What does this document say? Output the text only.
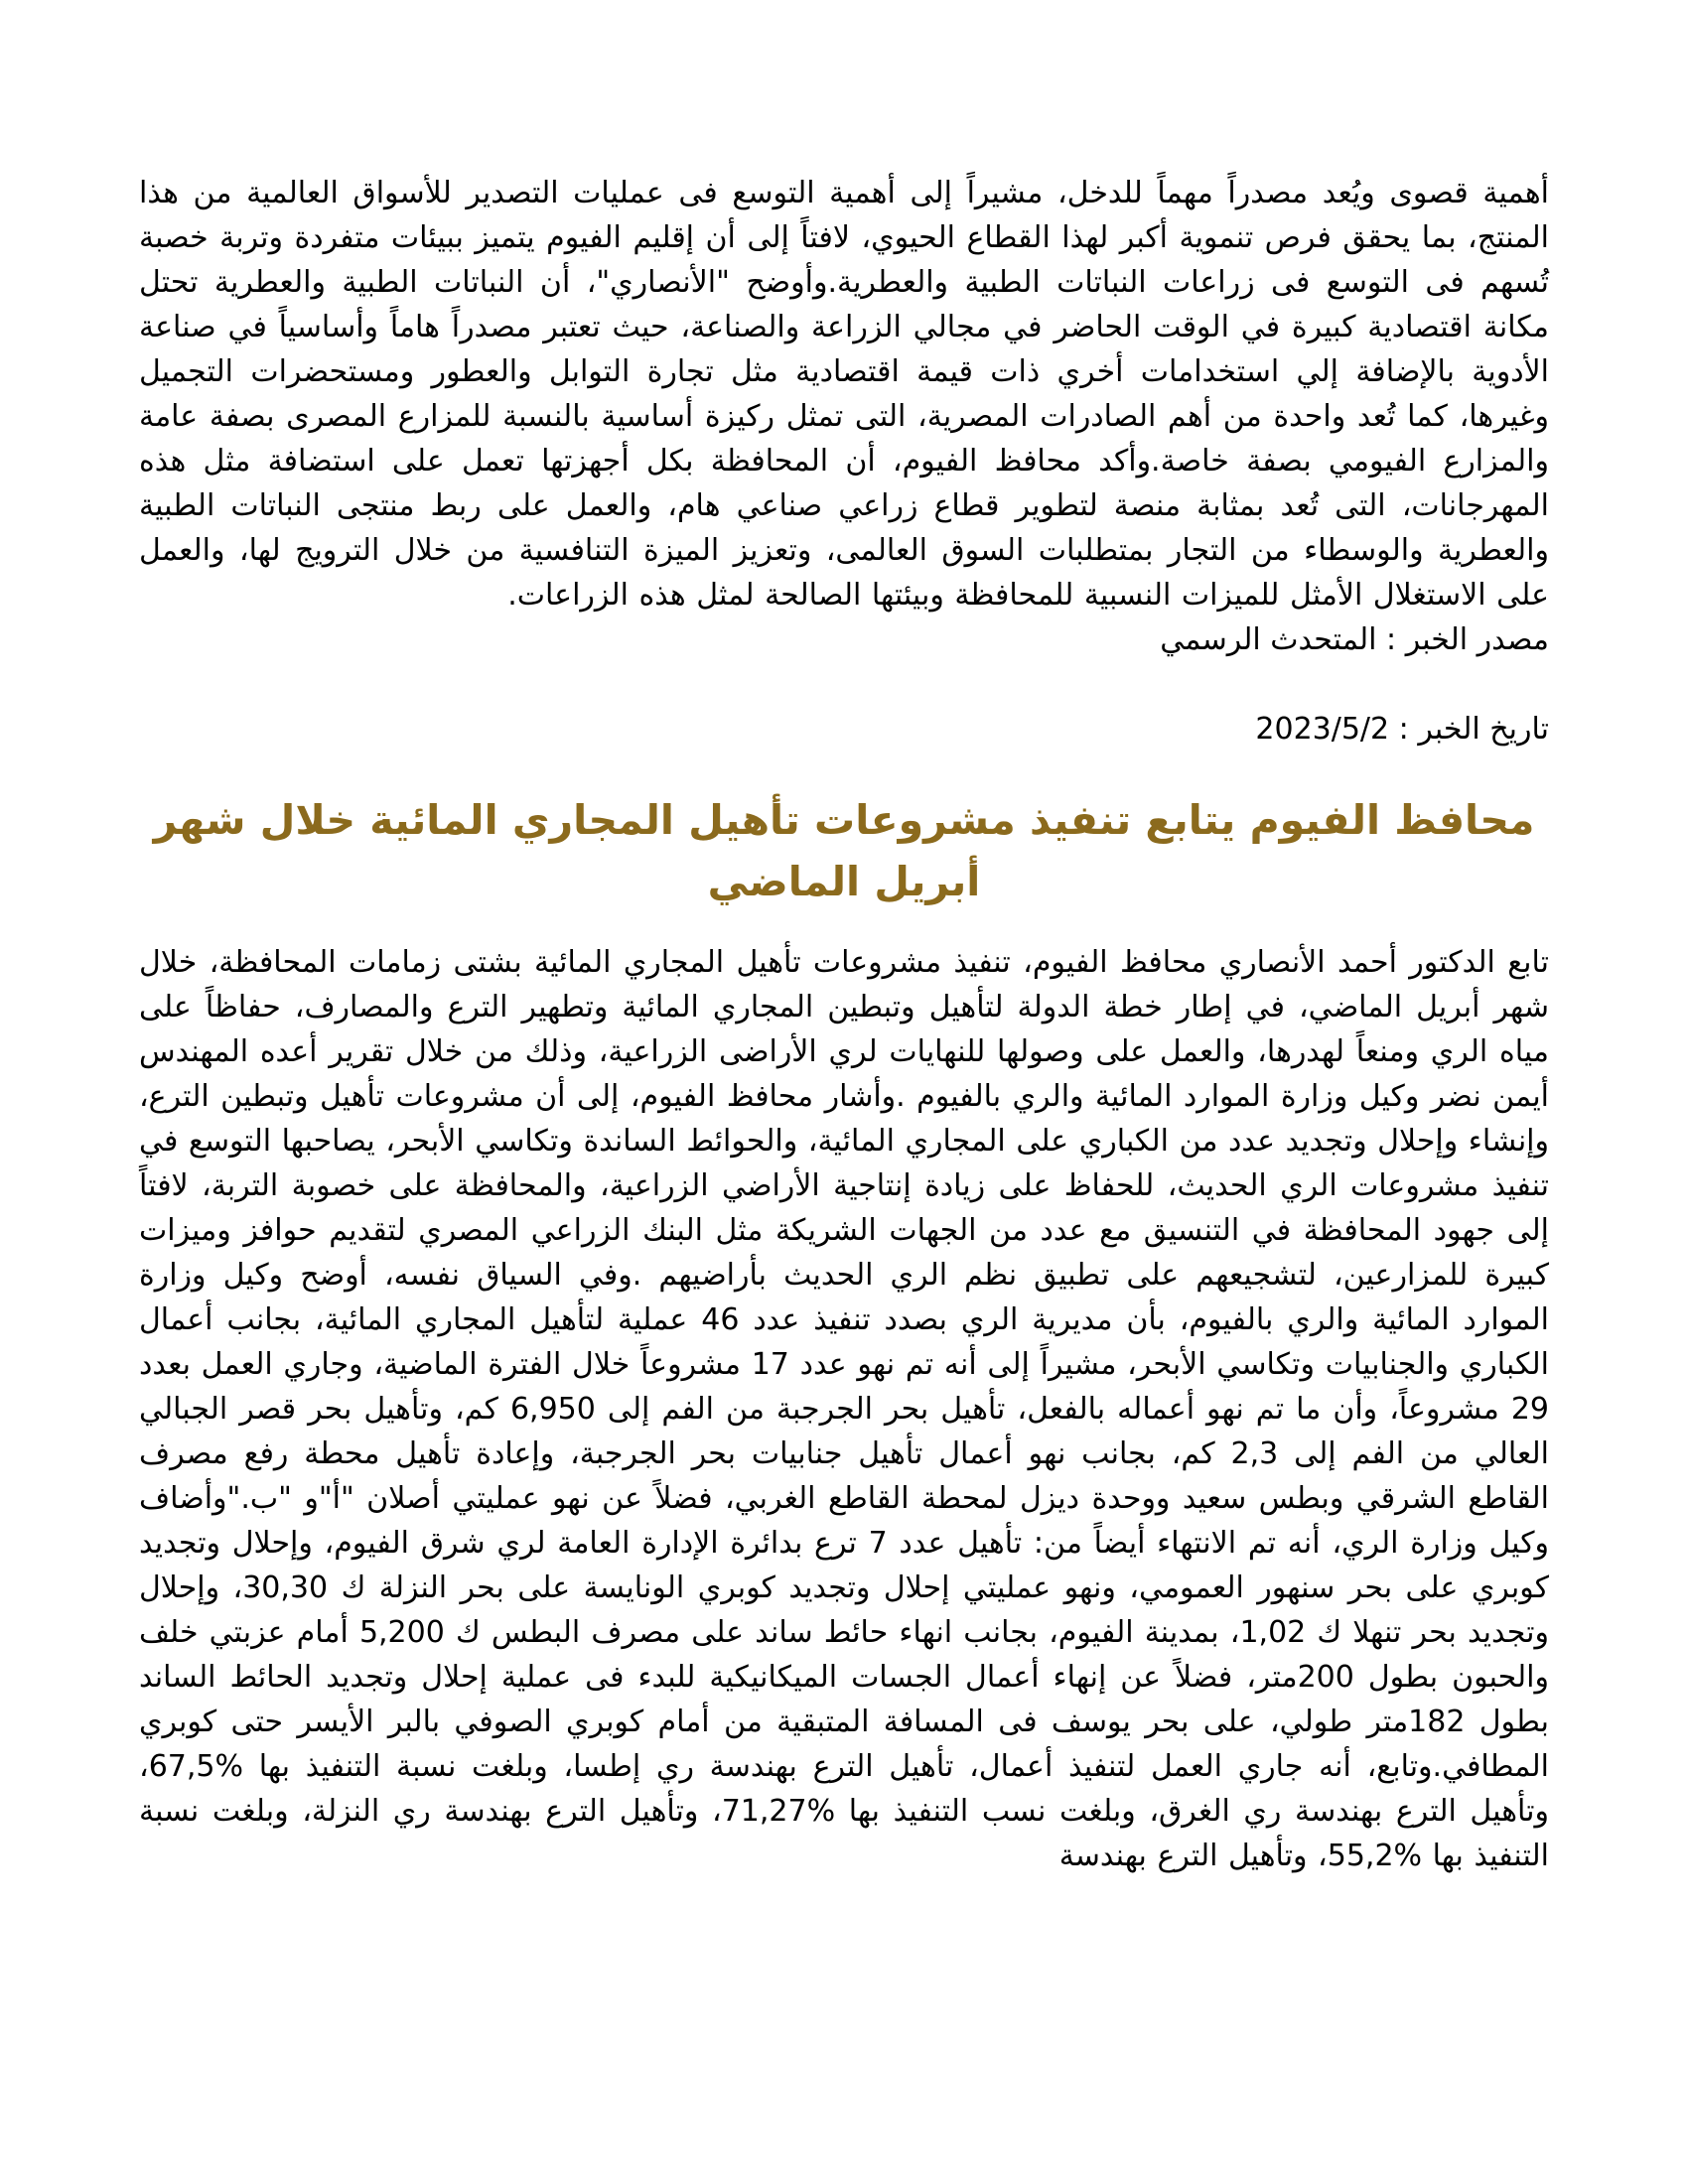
أهمية قصوى ويُعد مصدراً مهماً للدخل، مشيراً إلى أهمية التوسع فى عمليات التصدير للأسواق العالمية من هذا المنتج، بما يحقق فرص تنموية أكبر لهذا القطاع الحيوي، لافتاً إلى أن إقليم الفيوم يتميز ببيئات متفردة وتربة خصبة تُسهم فى التوسع فى زراعات النباتات الطبية والعطرية.وأوضح "الأنصاري"، أن النباتات الطبية والعطرية تحتل مكانة اقتصادية كبيرة في الوقت الحاضر في مجالي الزراعة والصناعة، حيث تعتبر مصدراً هاماً وأساسياً في صناعة الأدوية بالإضافة إلي استخدامات أخري ذات قيمة اقتصادية مثل تجارة التوابل والعطور ومستحضرات التجميل وغيرها، كما تُعد واحدة من أهم الصادرات المصرية، التى تمثل ركيزة أساسية بالنسبة للمزارع المصرى بصفة عامة والمزارع الفيومي بصفة خاصة.وأكد محافظ الفيوم، أن المحافظة بكل أجهزتها تعمل على استضافة مثل هذه المهرجانات، التى تُعد بمثابة منصة لتطوير قطاع زراعي صناعي هام، والعمل على ربط منتجى النباتات الطبية والعطرية والوسطاء من التجار بمتطلبات السوق العالمى، وتعزيز الميزة التنافسية من خلال الترويج لها، والعمل على الاستغلال الأمثل للميزات النسبية للمحافظة وبيئتها الصالحة لمثل هذه الزراعات.

مصدر الخبر : المتحدث الرسمي

تاريخ الخبر : 2023/5/2

محافظ الفيوم يتابع تنفيذ مشروعات تأهيل المجاري المائية خلال شهر أبريل الماضي

تابع الدكتور أحمد الأنصاري محافظ الفيوم، تنفيذ مشروعات تأهيل المجاري المائية بشتى زمامات المحافظة، خلال شهر أبريل الماضي، في إطار خطة الدولة لتأهيل وتبطين المجاري المائية وتطهير الترع والمصارف، حفاظاً على مياه الري ومنعاً لهدرها، والعمل على وصولها للنهايات لري الأراضى الزراعية، وذلك من خلال تقرير أعده المهندس أيمن نضر وكيل وزارة الموارد المائية والري بالفيوم .وأشار محافظ الفيوم، إلى أن مشروعات تأهيل وتبطين الترع، وإنشاء وإحلال وتجديد عدد من الكباري على المجاري المائية، والحوائط الساندة وتكاسي الأبحر، يصاحبها التوسع في تنفيذ مشروعات الري الحديث، للحفاظ على زيادة إنتاجية الأراضي الزراعية، والمحافظة على خصوبة التربة، لافتاً إلى جهود المحافظة في التنسيق مع عدد من الجهات الشريكة مثل البنك الزراعي المصري لتقديم حوافز وميزات كبيرة للمزارعين، لتشجيعهم على تطبيق نظم الري الحديث بأراضيهم .وفي السياق نفسه، أوضح وكيل وزارة الموارد المائية والري بالفيوم، بأن مديرية الري بصدد تنفيذ عدد 46 عملية لتأهيل المجاري المائية، بجانب أعمال الكباري والجنابيات وتكاسي الأبحر، مشيراً إلى أنه تم نهو عدد 17 مشروعاً خلال الفترة الماضية، وجاري العمل بعدد 29 مشروعاً، وأن ما تم نهو أعماله بالفعل، تأهيل بحر الجرجبة من الفم إلى 6,950 كم، وتأهيل بحر قصر الجبالي العالي من الفم إلى 2,3 كم، بجانب نهو أعمال تأهيل جنابيات بحر الجرجبة، وإعادة تأهيل محطة رفع مصرف القاطع الشرقي وبطس سعيد ووحدة ديزل لمحطة القاطع الغربي، فضلاً عن نهو عمليتي أصلان "أ"و "ب."وأضاف وكيل وزارة الري، أنه تم الانتهاء أيضاً من: تأهيل عدد 7 ترع بدائرة الإدارة العامة لري شرق الفيوم، وإحلال وتجديد كوبري على بحر سنهور العمومي، ونهو عمليتي إحلال وتجديد كوبري الونايسة على بحر النزلة ك 30,30، وإحلال وتجديد بحر تنهلا ك 1,02، بمدينة الفيوم، بجانب انهاء حائط ساند على مصرف البطس ك 5,200 أمام عزبتي خلف والحبون بطول 200متر، فضلاً عن إنهاء أعمال الجسات الميكانيكية للبدء فى عملية إحلال وتجديد الحائط الساند بطول 182متر طولي، على بحر يوسف فى المسافة المتبقية من أمام كوبري الصوفي بالبر الأيسر حتى كوبري المطافي.وتابع، أنه جاري العمل لتنفيذ أعمال، تأهيل الترع بهندسة ري إطسا، وبلغت نسبة التنفيذ بها %67,5، وتأهيل الترع بهندسة ري الغرق، وبلغت نسب التنفيذ بها %71,27، وتأهيل الترع بهندسة ري النزلة، وبلغت نسبة التنفيذ بها %55,2، وتأهيل الترع بهندسة
